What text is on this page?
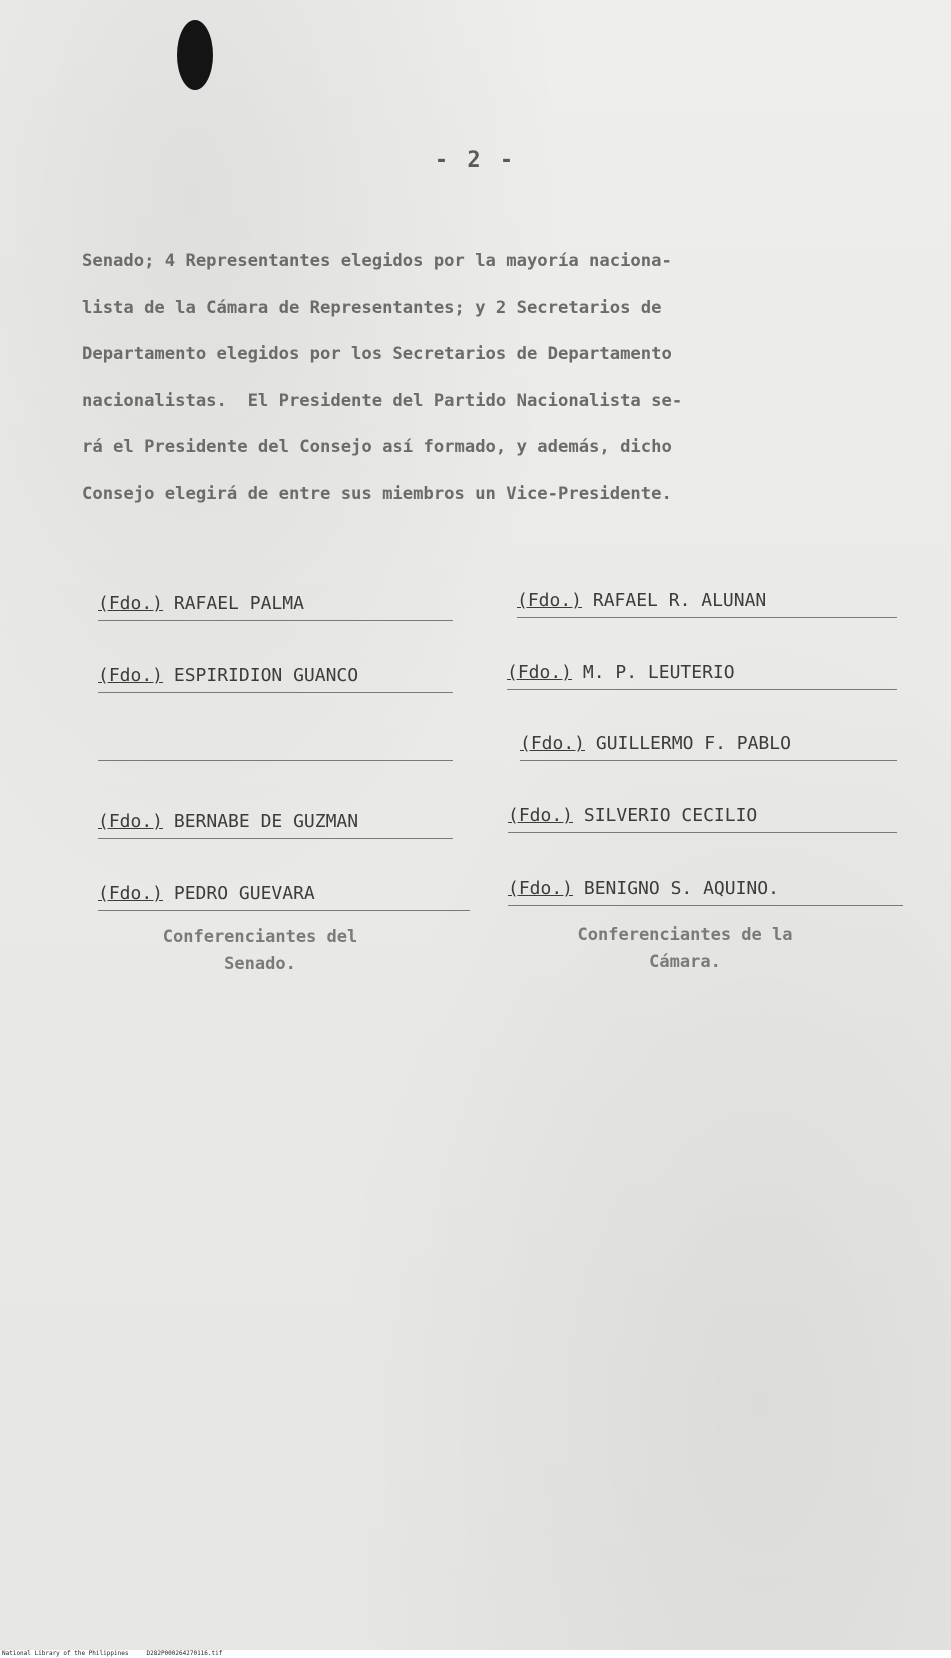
- 2 -

Senado; 4 Representantes elegidos por la mayoría naciona-
lista de la Cámara de Representantes; y 2 Secretarios de
Departamento elegidos por los Secretarios de Departamento
nacionalistas.  El Presidente del Partido Nacionalista se-
rá el Presidente del Consejo así formado, y además, dicho
Consejo elegirá de entre sus miembros un Vice-Presidente.

(Fdo.) RAFAEL PALMA
(Fdo.) ESPIRIDION GUANCO
(Fdo.) BERNABE DE GUZMAN
(Fdo.) PEDRO GUEVARA
(Fdo.) RAFAEL R. ALUNAN
(Fdo.) M. P. LEUTERIO
(Fdo.) GUILLERMO F. PABLO
(Fdo.) SILVERIO CECILIO
(Fdo.) BENIGNO S. AQUINO.
Conferenciantes del
Senado.
Conferenciantes de la
Cámara.
National Library of the Philippines     D282P000264270116.tif
